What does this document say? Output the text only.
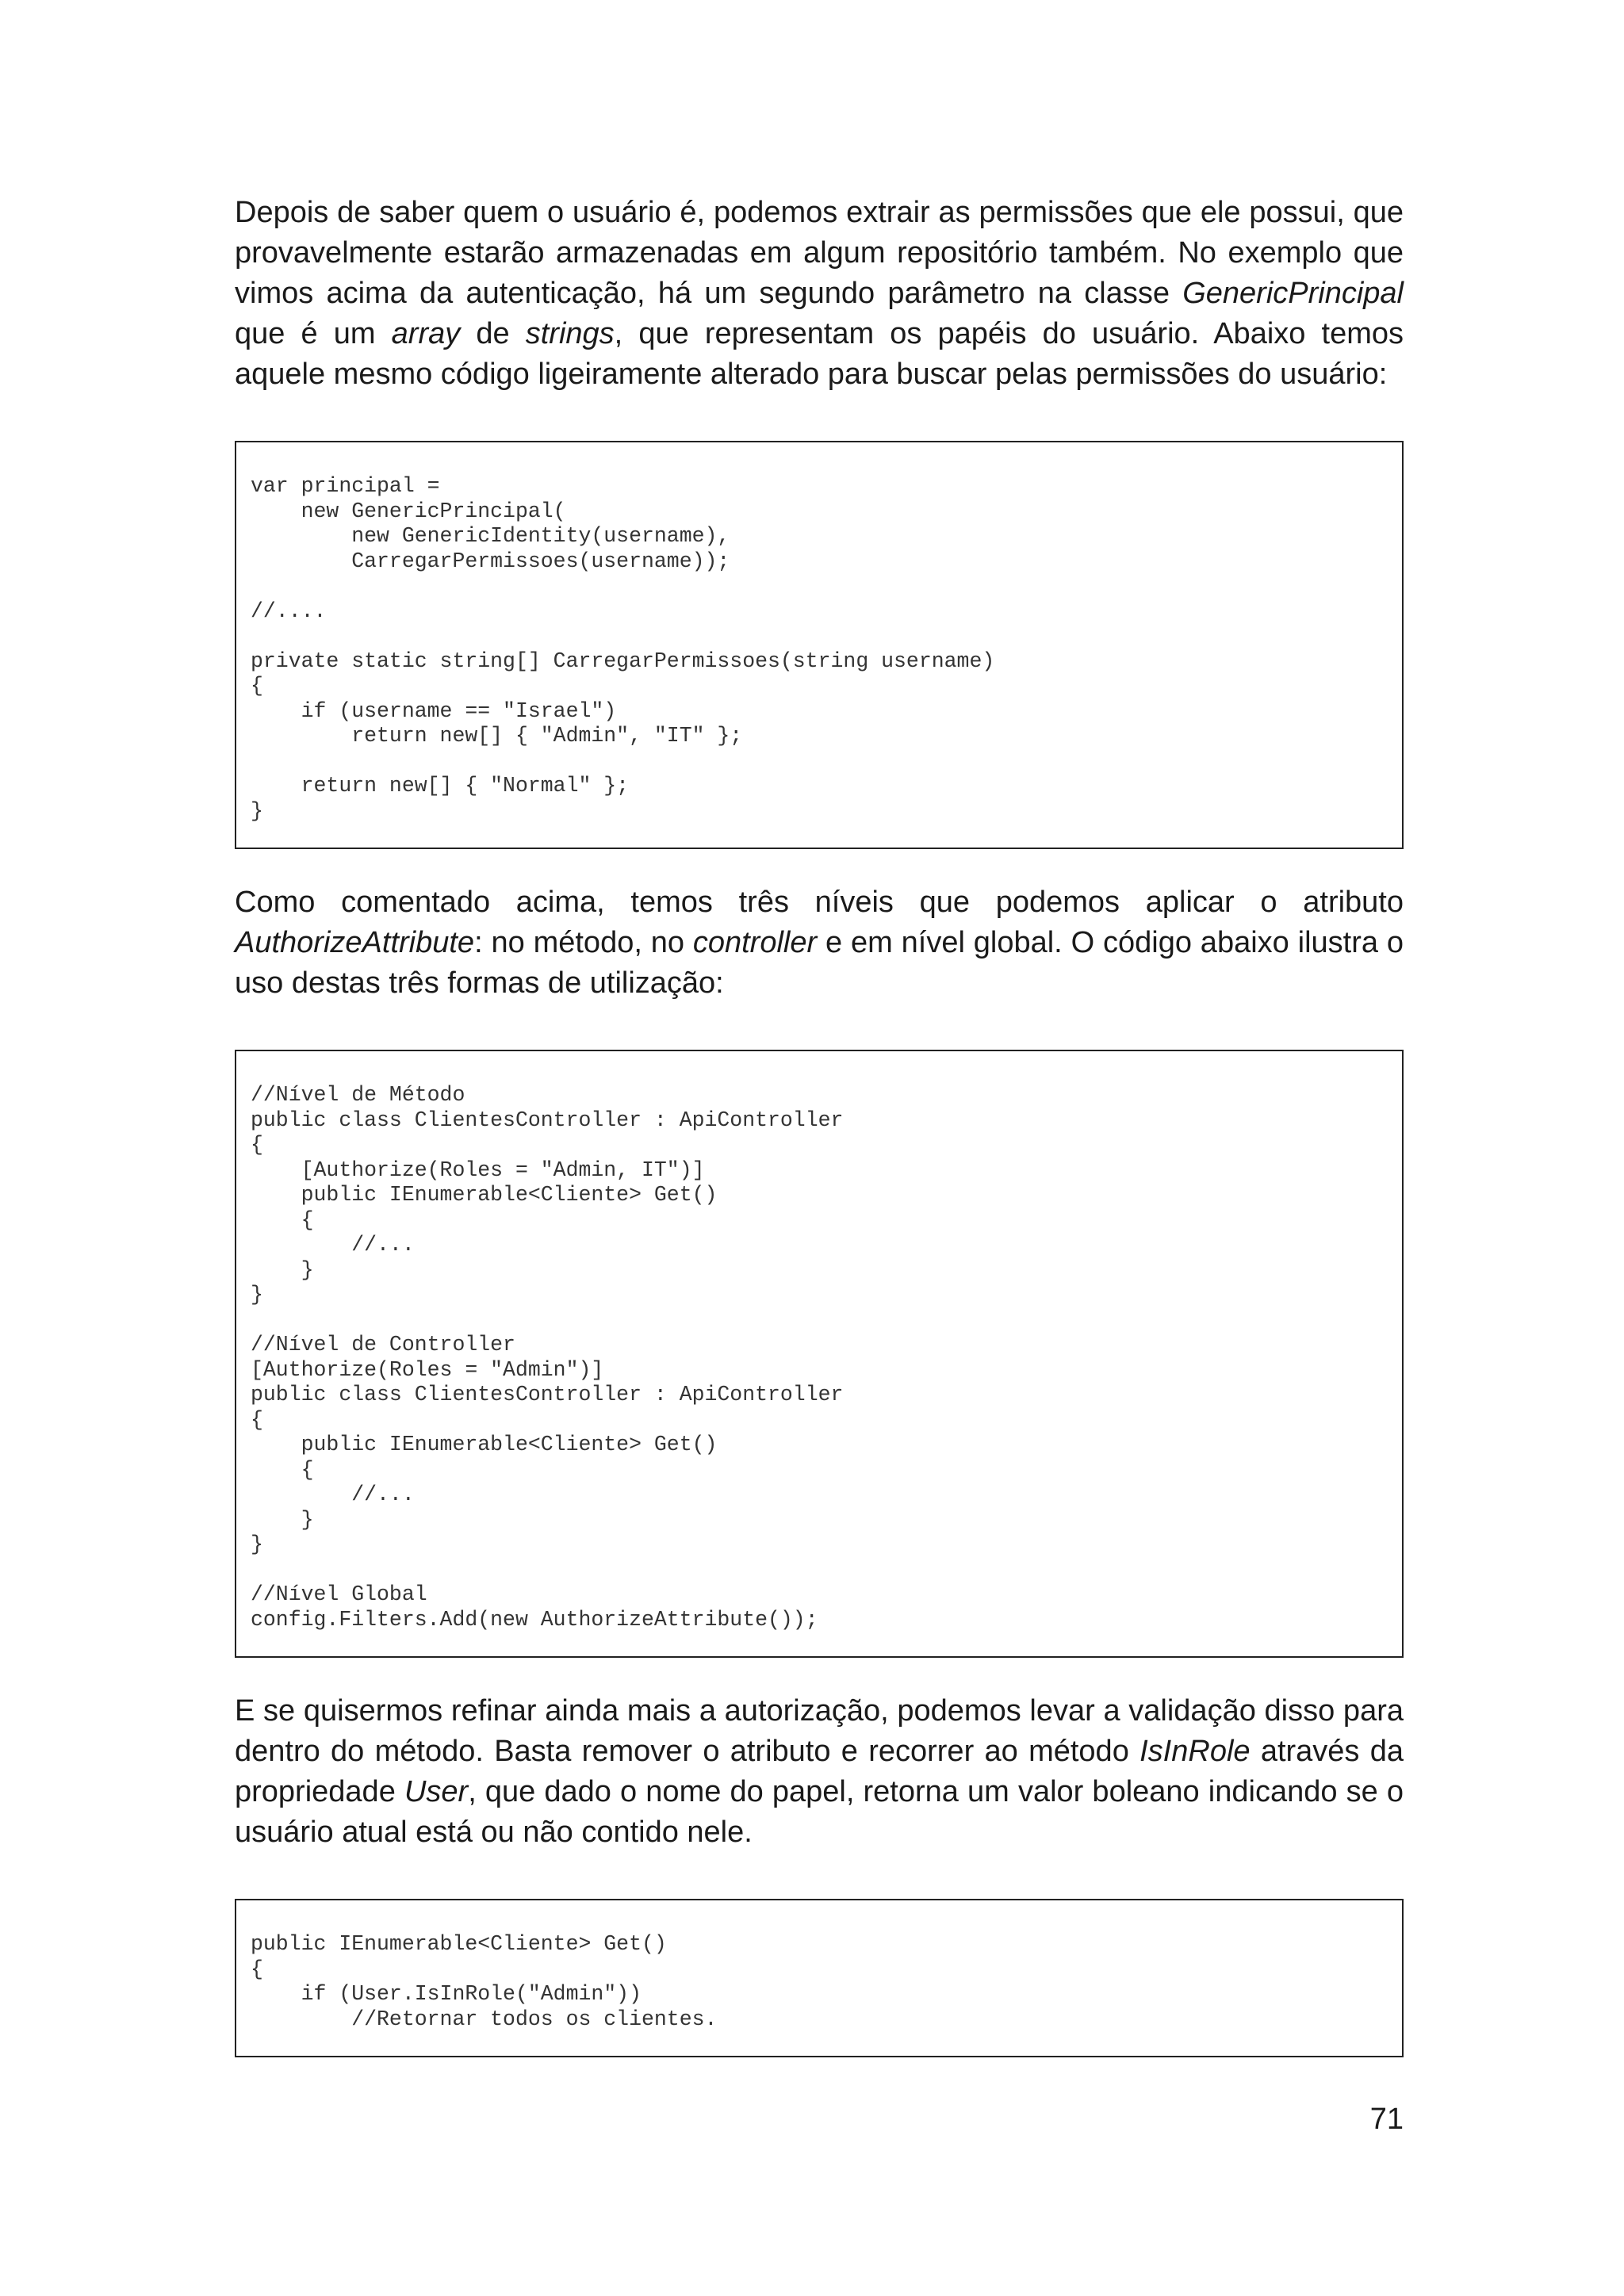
Depois de saber quem o usuário é, podemos extrair as permissões que ele possui, que provavelmente estarão armazenadas em algum repositório também. No exemplo que vimos acima da autenticação, há um segundo parâmetro na classe GenericPrincipal que é um array de strings, que representam os papéis do usuário. Abaixo temos aquele mesmo código ligeiramente alterado para buscar pelas permissões do usuário:

var principal =
new GenericPrincipal(
new GenericIdentity(username),
CarregarPermissoes(username));

//....

private static string[] CarregarPermissoes(string username)
{
if (username == "Israel")
return new[] { "Admin", "IT" };

return new[] { "Normal" };
}

Como comentado acima, temos três níveis que podemos aplicar o atributo AuthorizeAttribute: no método, no controller e em nível global. O código abaixo ilustra o uso destas três formas de utilização:

//Nível de Método
public class ClientesController : ApiController
{
[Authorize(Roles = "Admin, IT")]
public IEnumerable<Cliente> Get()
{
//...
}
}

//Nível de Controller
[Authorize(Roles = "Admin")]
public class ClientesController : ApiController
{
public IEnumerable<Cliente> Get()
{
//...
}
}

//Nível Global
config.Filters.Add(new AuthorizeAttribute());

E se quisermos refinar ainda mais a autorização, podemos levar a validação disso para dentro do método. Basta remover o atributo e recorrer ao método IsInRole através da propriedade User, que dado o nome do papel, retorna um valor boleano indicando se o usuário atual está ou não contido nele.

public IEnumerable<Cliente> Get()
{
if (User.IsInRole("Admin"))
//Retornar todos os clientes.
71
